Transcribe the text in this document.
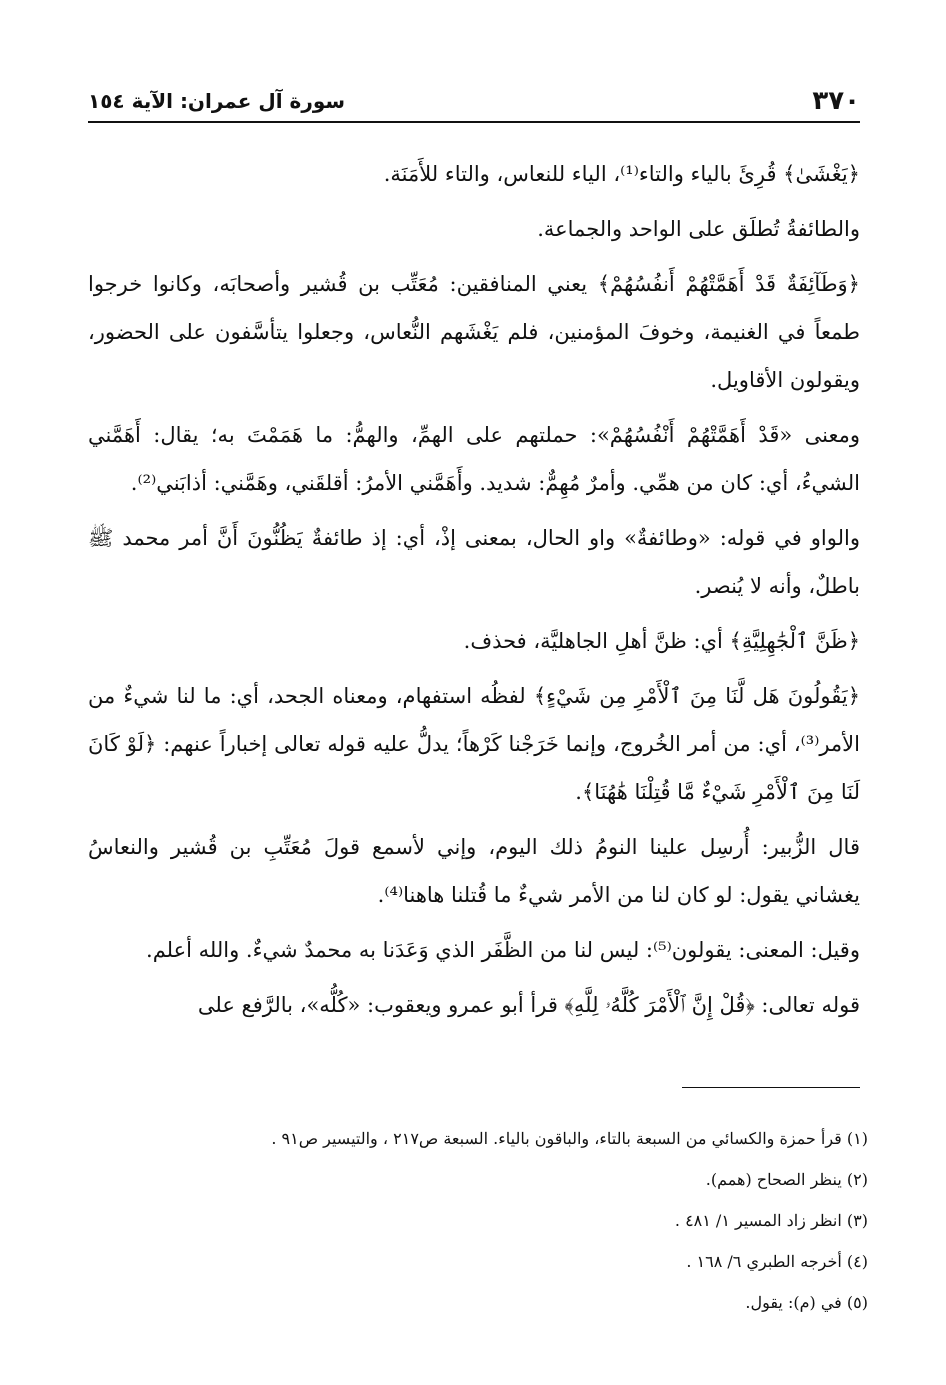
٣٧٠
سورة آل عمران: الآية ١٥٤

﴿يَغْشَىٰ﴾ قُرِئَ بالياء والتاء⁽¹⁾، الياء للنعاس، والتاء للأَمَنَة.

والطائفةُ تُطلَق على الواحد والجماعة.

﴿وَطَآئِفَةٌ قَدْ أَهَمَّتْهُمْ أَنفُسُهُمْ﴾ يعني المنافقين: مُعَتِّب بن قُشير وأصحابَه، وكانوا خرجوا طمعاً في الغنيمة، وخوفَ المؤمنين، فلم يَغْشَهم النُّعاس، وجعلوا يتأسَّفون على الحضور، ويقولون الأقاويل.

ومعنى «قَدْ أَهَمَّتْهُمْ أَنْفُسُهُمْ»: حملتهم على الهمِّ، والهمُّ: ما هَمَمْتَ به؛ يقال: أَهَمَّني الشيءُ، أي: كان من همِّي. وأمرٌ مُهِمٌّ: شديد. وأَهَمَّني الأمرُ: أقلقَني، وهَمَّني: أذابَني⁽²⁾.

والواو في قوله: «وطائفةٌ» واو الحال، بمعنى إذْ، أي: إذ طائفةٌ يَظُنُّونَ أَنَّ أمر محمد ﷺ باطلٌ، وأنه لا يُنصر.

﴿ظَنَّ ٱلْجَٰهِلِيَّةِ﴾ أي: ظنَّ أهلِ الجاهليَّة، فحذف.

﴿يَقُولُونَ هَل لَّنَا مِنَ ٱلْأَمْرِ مِن شَيْءٍ﴾ لفظُه استفهام، ومعناه الجحد، أي: ما لنا شيءٌ من الأمر⁽³⁾، أي: من أمر الخُروج، وإنما خَرَجْنا كَرْهاً؛ يدلُّ عليه قوله تعالى إخباراً عنهم: ﴿لَوْ كَانَ لَنَا مِنَ ٱلْأَمْرِ شَيْءٌ مَّا قُتِلْنَا هَٰهُنَا﴾.

قال الزُّبير: أُرسِل علينا النومُ ذلك اليوم، وإني لأسمع قولَ مُعَتِّبِ بن قُشير والنعاسُ يغشاني يقول: لو كان لنا من الأمر شيءٌ ما قُتلنا هاهنا⁽⁴⁾.

وقيل: المعنى: يقولون⁽⁵⁾: ليس لنا من الظَّفَر الذي وَعَدَنا به محمدٌ شيءٌ. والله أعلم.

قوله تعالى: ﴿قُلْ إِنَّ ٱلْأَمْرَ كُلَّهُۥ لِلَّهِ﴾ قرأ أبو عمرو ويعقوب: «كُلُّه»، بالرَّفع على

(١) قرأ حمزة والكسائي من السبعة بالتاء، والباقون بالياء. السبعة ص٢١٧ ، والتيسير ص٩١ .

(٢) ينظر الصحاح (همم).

(٣) انظر زاد المسير ١/ ٤٨١ .

(٤) أخرجه الطبري ٦/ ١٦٨ .

(٥) في (م): يقول.
